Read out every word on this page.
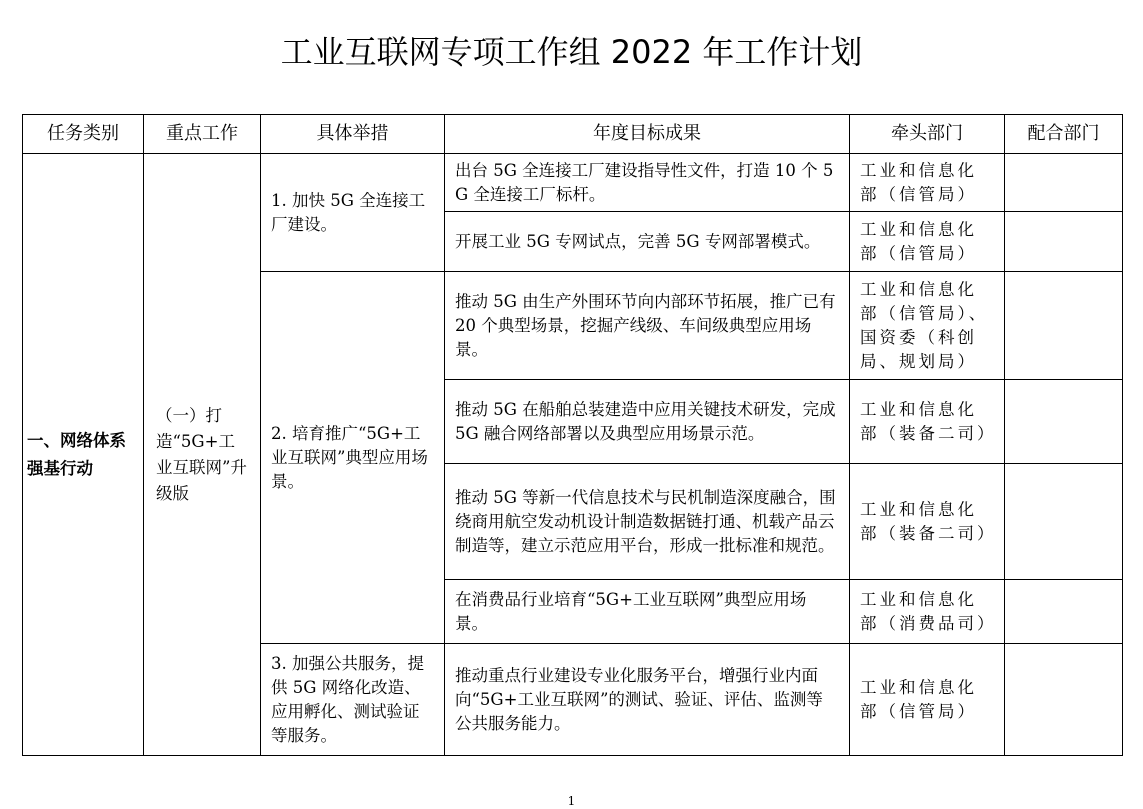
工业互联网专项工作组 2022 年工作计划
任务类别	重点工作	具体举措	年度目标成果	牵头部门	配合部门
一、网络体系强基行动	（一）打造“5G+工业互联网”升级版	1. 加快 5G 全连接工厂建设。	出台 5G 全连接工厂建设指导性文件，打造 10 个 5G 全连接工厂标杆。	工业和信息化部（信管局）	
			开展工业 5G 专网试点，完善 5G 专网部署模式。	工业和信息化部（信管局）	
		2. 培育推广“5G+工业互联网”典型应用场景。	推动 5G 由生产外围环节向内部环节拓展，推广已有 20 个典型场景，挖掘产线级、车间级典型应用场景。	工业和信息化部（信管局）、国资委（科创局、规划局）	
			推动 5G 在船舶总装建造中应用关键技术研发，完成 5G 融合网络部署以及典型应用场景示范。	工业和信息化部（装备二司）	
			推动 5G 等新一代信息技术与民机制造深度融合，围绕商用航空发动机设计制造数据链打通、机载产品云制造等，建立示范应用平台，形成一批标准和规范。	工业和信息化部（装备二司）	
			在消费品行业培育“5G+工业互联网”典型应用场景。	工业和信息化部（消费品司）	
		3. 加强公共服务，提供 5G 网络化改造、应用孵化、测试验证等服务。	推动重点行业建设专业化服务平台，增强行业内面向“5G+工业互联网”的测试、验证、评估、监测等公共服务能力。	工业和信息化部（信管局）	
1
